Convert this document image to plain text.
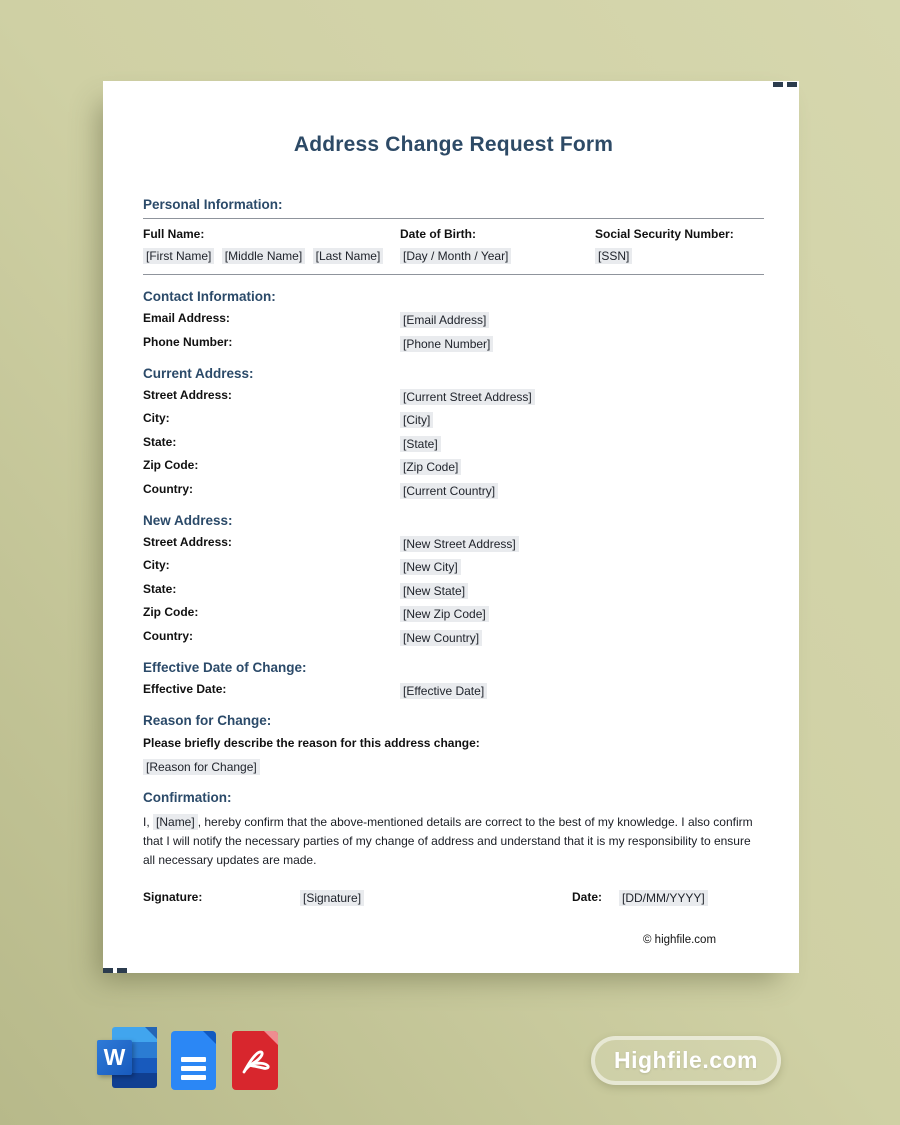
Address Change Request Form
Personal Information:
Full Name:
[First Name] [Middle Name] [Last Name]
Date of Birth:
[Day / Month / Year]
Social Security Number:
[SSN]
Contact Information:
Email Address:	[Email Address]
Phone Number:	[Phone Number]
Current Address:
Street Address:	[Current Street Address]
City:	[City]
State:	[State]
Zip Code:	[Zip Code]
Country:	[Current Country]
New Address:
Street Address:	[New Street Address]
City:	[New City]
State:	[New State]
Zip Code:	[New Zip Code]
Country:	[New Country]
Effective Date of Change:
Effective Date:	[Effective Date]
Reason for Change:

Please briefly describe the reason for this address change:

[Reason for Change]
Confirmation:

I, [Name] , hereby confirm that the above-mentioned details are correct to the best of my knowledge. I also confirm that I will notify the necessary parties of my change of address and understand that it is my responsibility to ensure all necessary updates are made.

Signature:	[Signature]	Date:	[DD/MM/YYYY]
© highfile.com
W	Highfile.com
